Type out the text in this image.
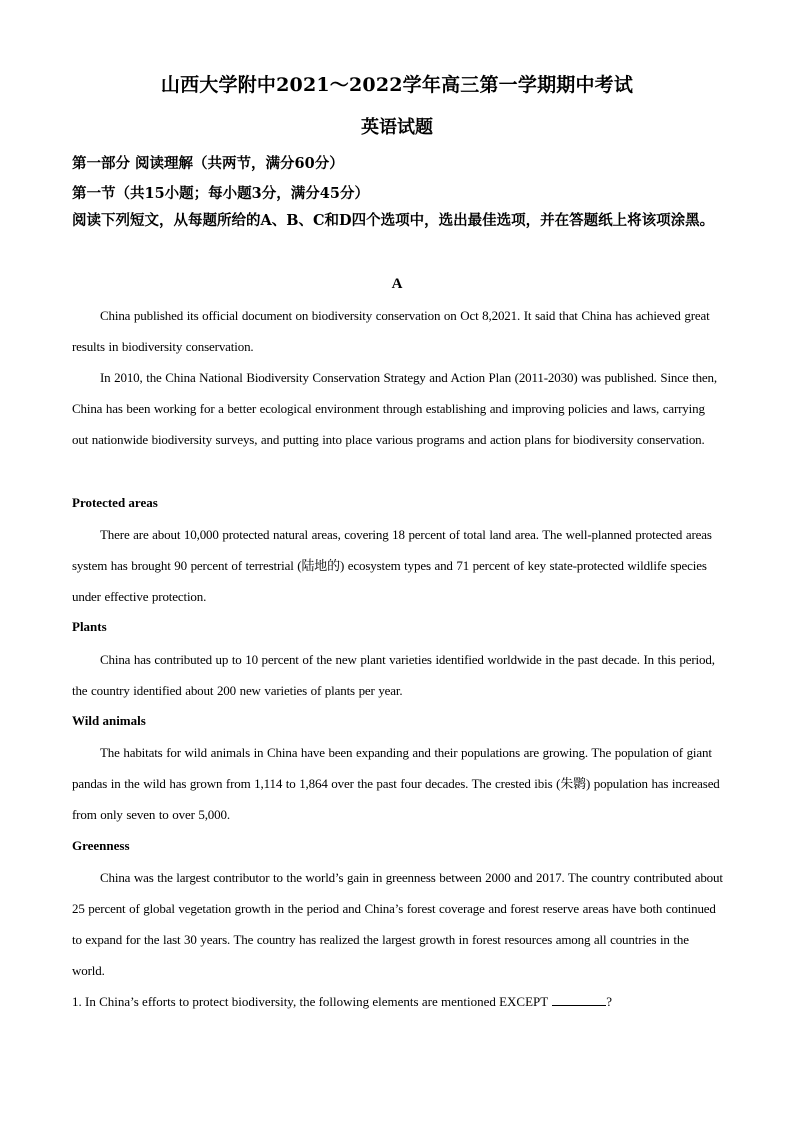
山西大学附中2021～2022学年高三第一学期期中考试
英语试题
第一部分 阅读理解（共两节，满分60分）
第一节（共15小题；每小题3分，满分45分）
阅读下列短文，从每题所给的A、B、C和D四个选项中，选出最佳选项，并在答题纸上将该项涂黑。
A
China published its official document on biodiversity conservation on Oct 8,2021. It said that China has achieved great results in biodiversity conservation.
In 2010, the China National Biodiversity Conservation Strategy and Action Plan (2011-2030) was published. Since then, China has been working for a better ecological environment through establishing and improving policies and laws, carrying out nationwide biodiversity surveys, and putting into place various programs and action plans for biodiversity conservation.
Protected areas
There are about 10,000 protected natural areas, covering 18 percent of total land area. The well-planned protected areas system has brought 90 percent of terrestrial (陆地的) ecosystem types and 71 percent of key state-protected wildlife species under effective protection.
Plants
China has contributed up to 10 percent of the new plant varieties identified worldwide in the past decade. In this period, the country identified about 200 new varieties of plants per year.
Wild animals
The habitats for wild animals in China have been expanding and their populations are growing. The population of giant pandas in the wild has grown from 1,114 to 1,864 over the past four decades. The crested ibis (朱鹮) population has increased from only seven to over 5,000.
Greenness
China was the largest contributor to the world’s gain in greenness between 2000 and 2017. The country contributed about 25 percent of global vegetation growth in the period and China’s forest coverage and forest reserve areas have both continued to expand for the last 30 years. The country has realized the largest growth in forest resources among all countries in the world.
1. In China’s efforts to protect biodiversity, the following elements are mentioned EXCEPT	?
